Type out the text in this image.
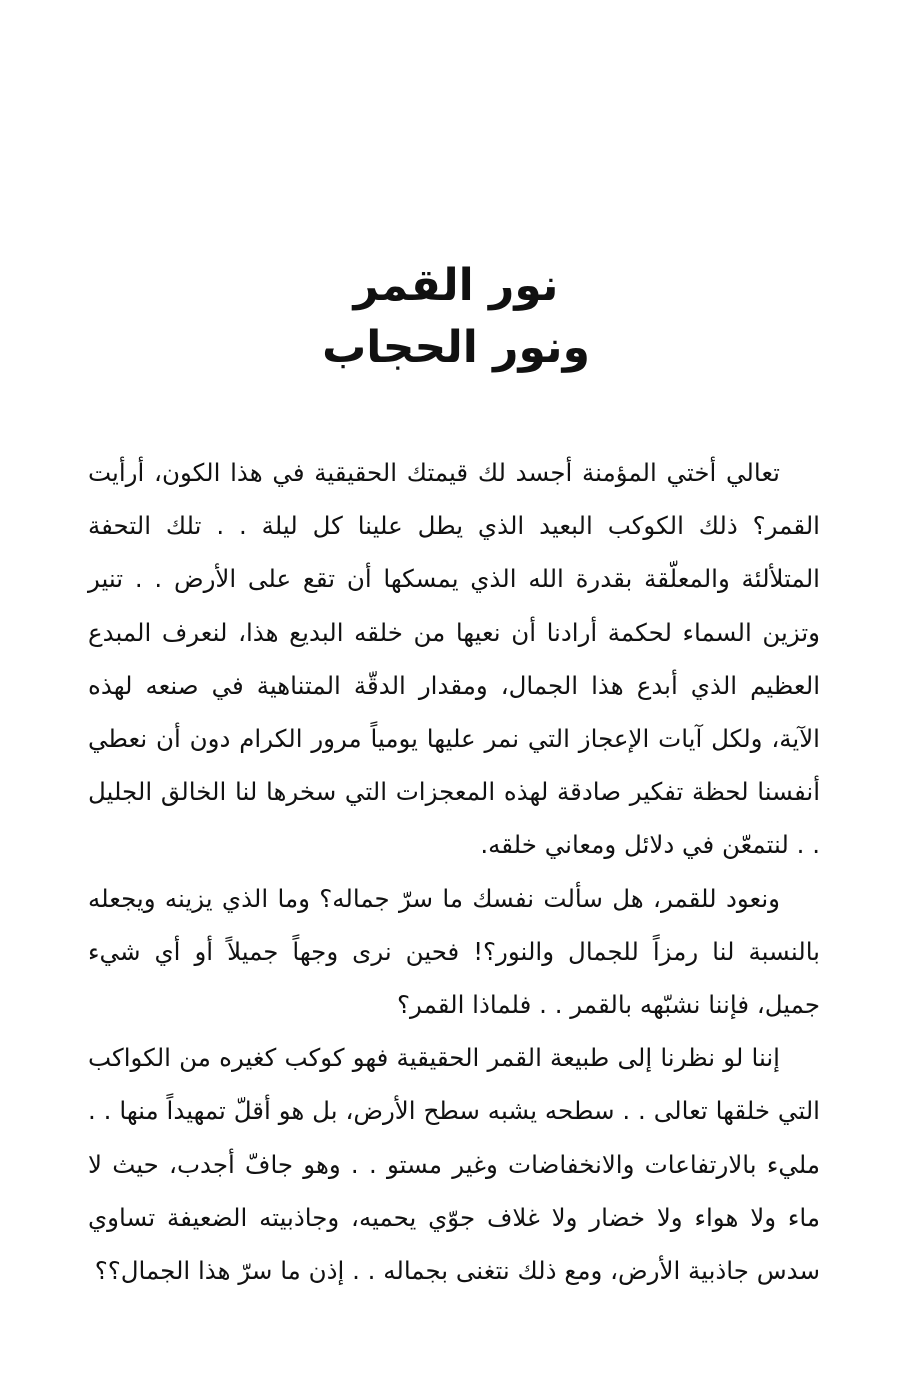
نور القمر

ونور الحجاب

تعالي أختي المؤمنة أجسد لك قيمتك الحقيقية في هذا الكون، أرأيت القمر؟ ذلك الكوكب البعيد الذي يطل علينا كل ليلة . . تلك التحفة المتلألئة والمعلّقة بقدرة الله الذي يمسكها أن تقع على الأرض . . تنير وتزين السماء لحكمة أرادنا أن نعيها من خلقه البديع هذا، لنعرف المبدع العظيم الذي أبدع هذا الجمال، ومقدار الدقّة المتناهية في صنعه لهذه الآية، ولكل آيات الإعجاز التي نمر عليها يومياً مرور الكرام دون أن نعطي أنفسنا لحظة تفكير صادقة لهذه المعجزات التي سخرها لنا الخالق الجليل . . لنتمعّن في دلائل ومعاني خلقه.

ونعود للقمر، هل سألت نفسك ما سرّ جماله؟ وما الذي يزينه ويجعله بالنسبة لنا رمزاً للجمال والنور؟! فحين نرى وجهاً جميلاً أو أي شيء جميل، فإننا نشبّهه بالقمر . . فلماذا القمر؟

إننا لو نظرنا إلى طبيعة القمر الحقيقية فهو كوكب كغيره من الكواكب التي خلقها تعالى . . سطحه يشبه سطح الأرض، بل هو أقلّ تمهيداً منها . . مليء بالارتفاعات والانخفاضات وغير مستو . . وهو جافّ أجدب، حيث لا ماء ولا هواء ولا خضار ولا غلاف جوّي يحميه، وجاذبيته الضعيفة تساوي سدس جاذبية الأرض، ومع ذلك نتغنى بجماله . . إذن ما سرّ هذا الجمال؟؟
